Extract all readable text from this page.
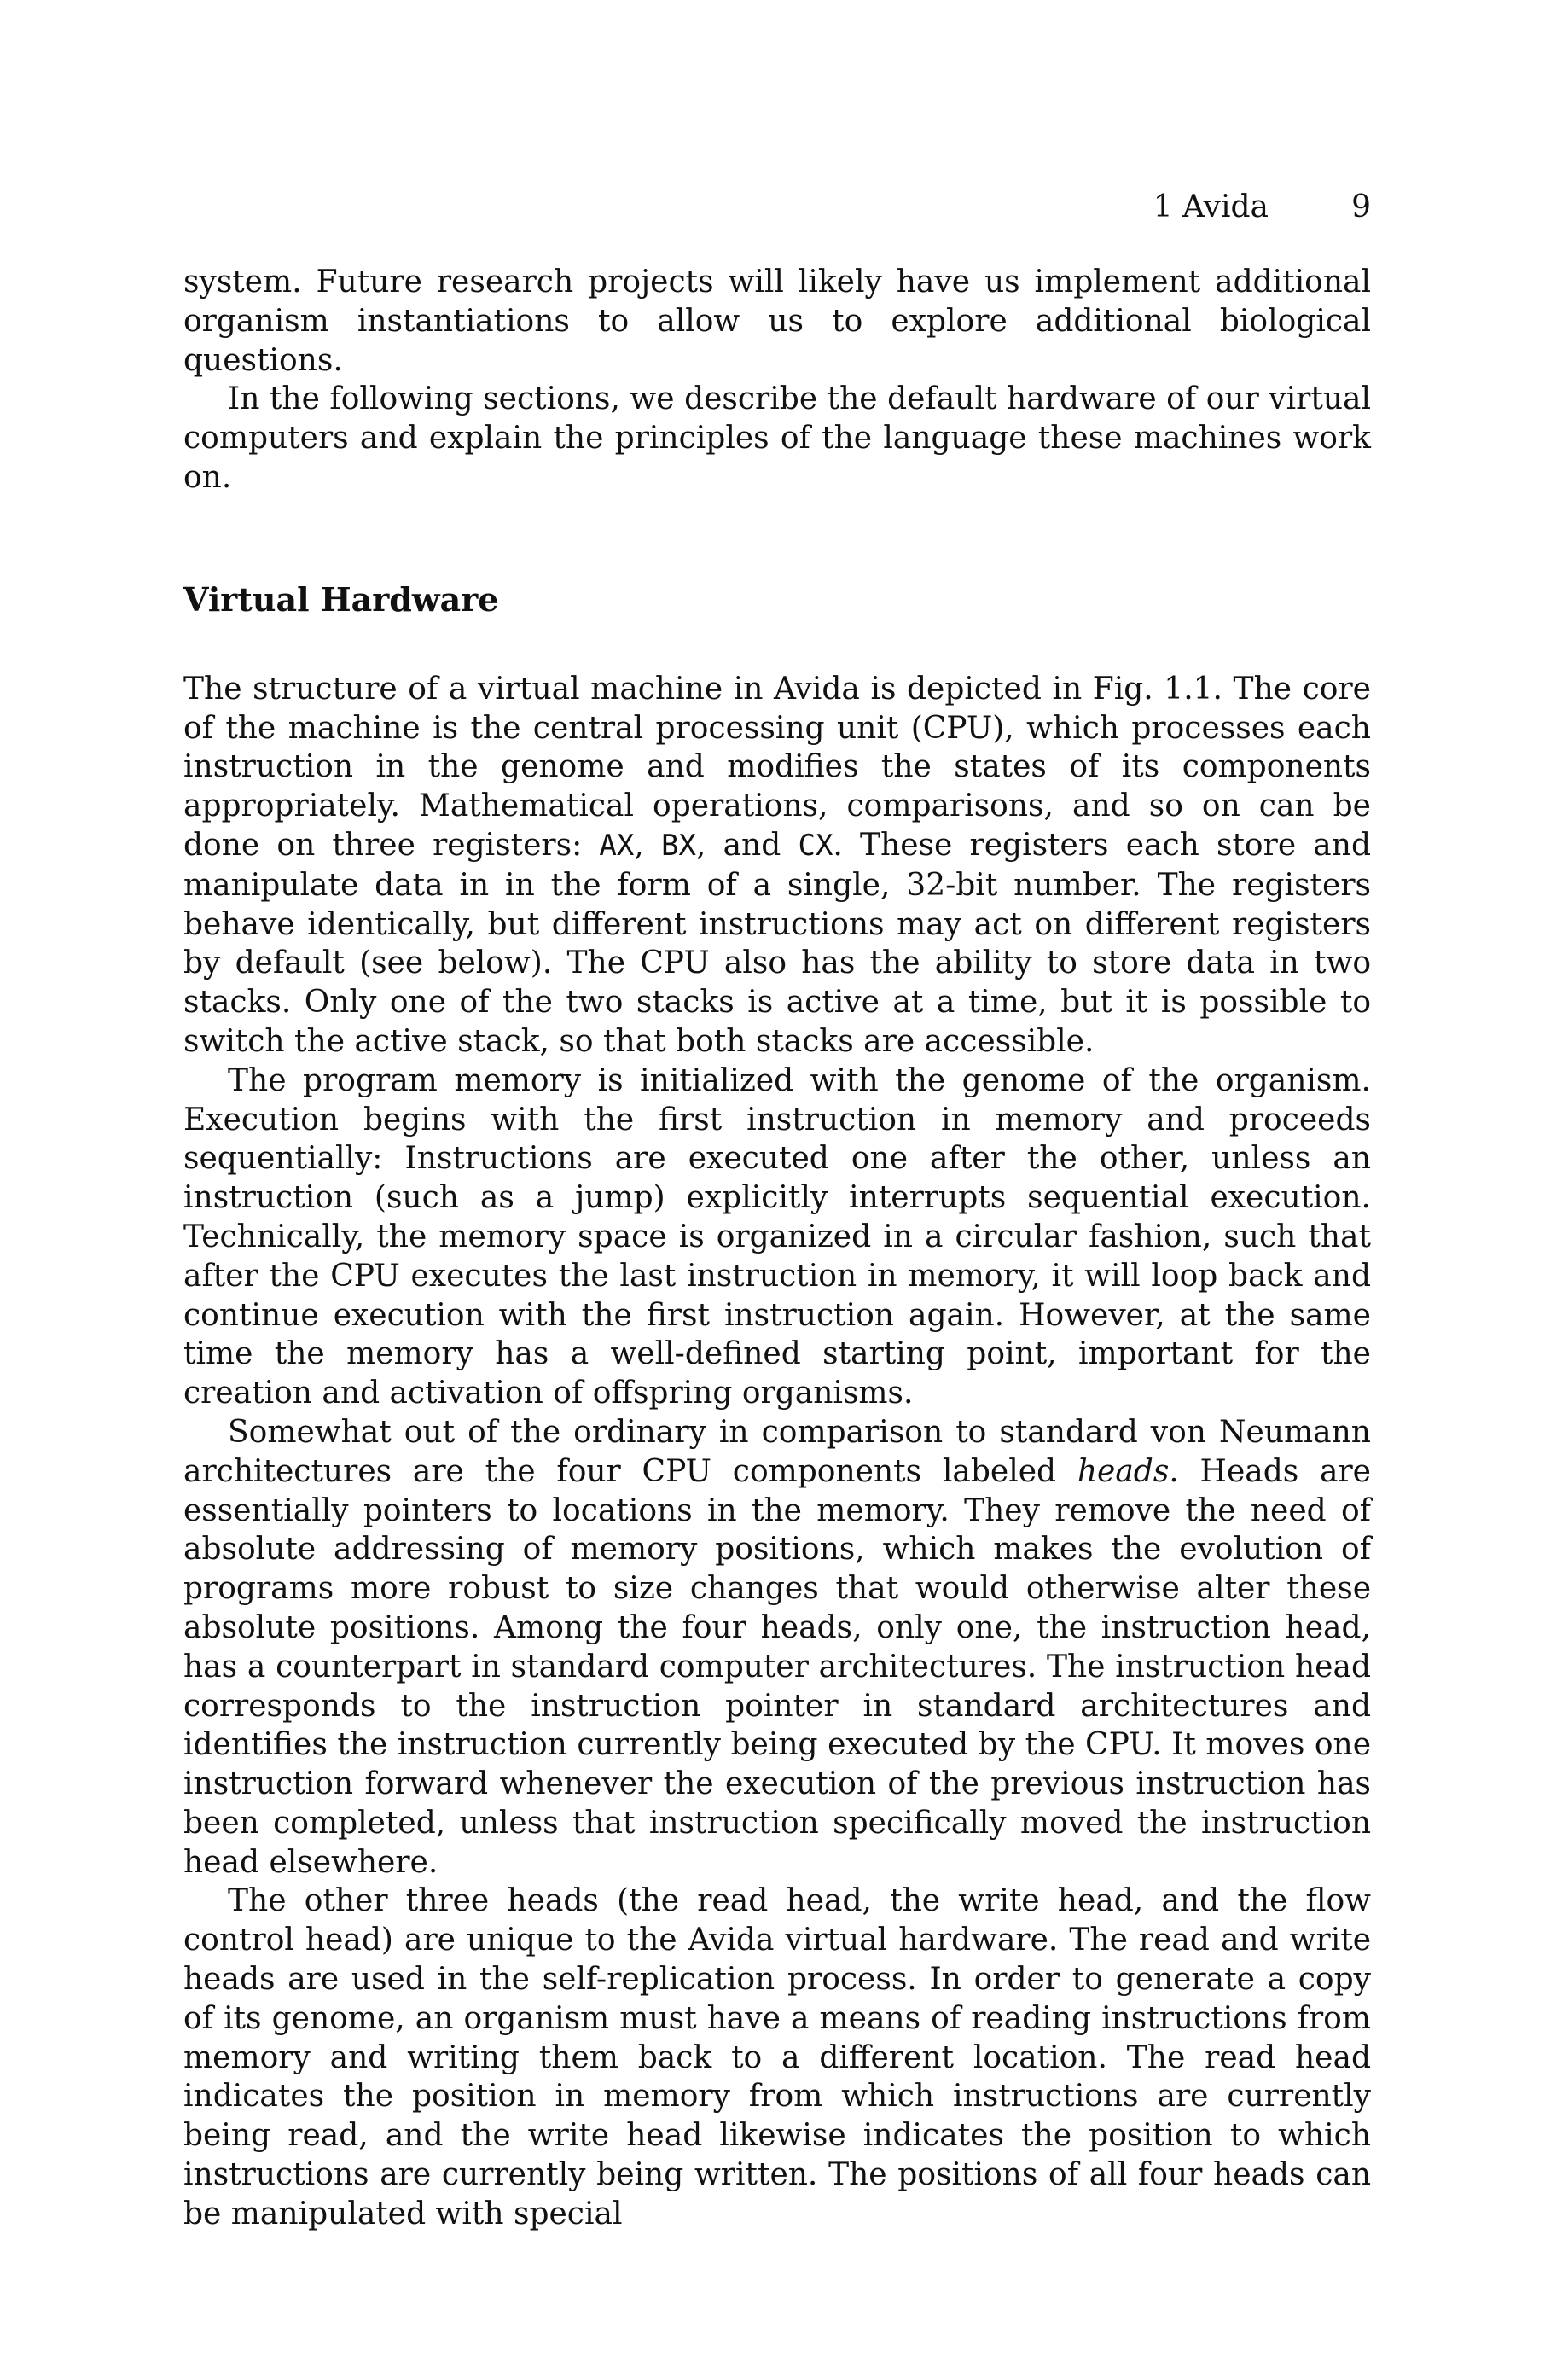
1 Avida	9

system. Future research projects will likely have us implement additional organism instantiations to allow us to explore additional biological questions.

In the following sections, we describe the default hardware of our virtual computers and explain the principles of the language these machines work on.

Virtual Hardware

The structure of a virtual machine in Avida is depicted in Fig. 1.1. The core of the machine is the central processing unit (CPU), which processes each instruction in the genome and modifies the states of its components appropriately. Mathematical operations, comparisons, and so on can be done on three registers: AX, BX, and CX. These registers each store and manipulate data in in the form of a single, 32-bit number. The registers behave identically, but different instructions may act on different registers by default (see below). The CPU also has the ability to store data in two stacks. Only one of the two stacks is active at a time, but it is possible to switch the active stack, so that both stacks are accessible.

The program memory is initialized with the genome of the organism. Execution begins with the first instruction in memory and proceeds sequentially: Instructions are executed one after the other, unless an instruction (such as a jump) explicitly interrupts sequential execution. Technically, the memory space is organized in a circular fashion, such that after the CPU executes the last instruction in memory, it will loop back and continue execution with the first instruction again. However, at the same time the memory has a well-defined starting point, important for the creation and activation of offspring organisms.

Somewhat out of the ordinary in comparison to standard von Neumann architectures are the four CPU components labeled heads. Heads are essentially pointers to locations in the memory. They remove the need of absolute addressing of memory positions, which makes the evolution of programs more robust to size changes that would otherwise alter these absolute positions. Among the four heads, only one, the instruction head, has a counterpart in standard computer architectures. The instruction head corresponds to the instruction pointer in standard architectures and identifies the instruction currently being executed by the CPU. It moves one instruction forward whenever the execution of the previous instruction has been completed, unless that instruction specifically moved the instruction head elsewhere.

The other three heads (the read head, the write head, and the flow control head) are unique to the Avida virtual hardware. The read and write heads are used in the self-replication process. In order to generate a copy of its genome, an organism must have a means of reading instructions from memory and writing them back to a different location. The read head indicates the position in memory from which instructions are currently being read, and the write head likewise indicates the position to which instructions are currently being written. The positions of all four heads can be manipulated with special
